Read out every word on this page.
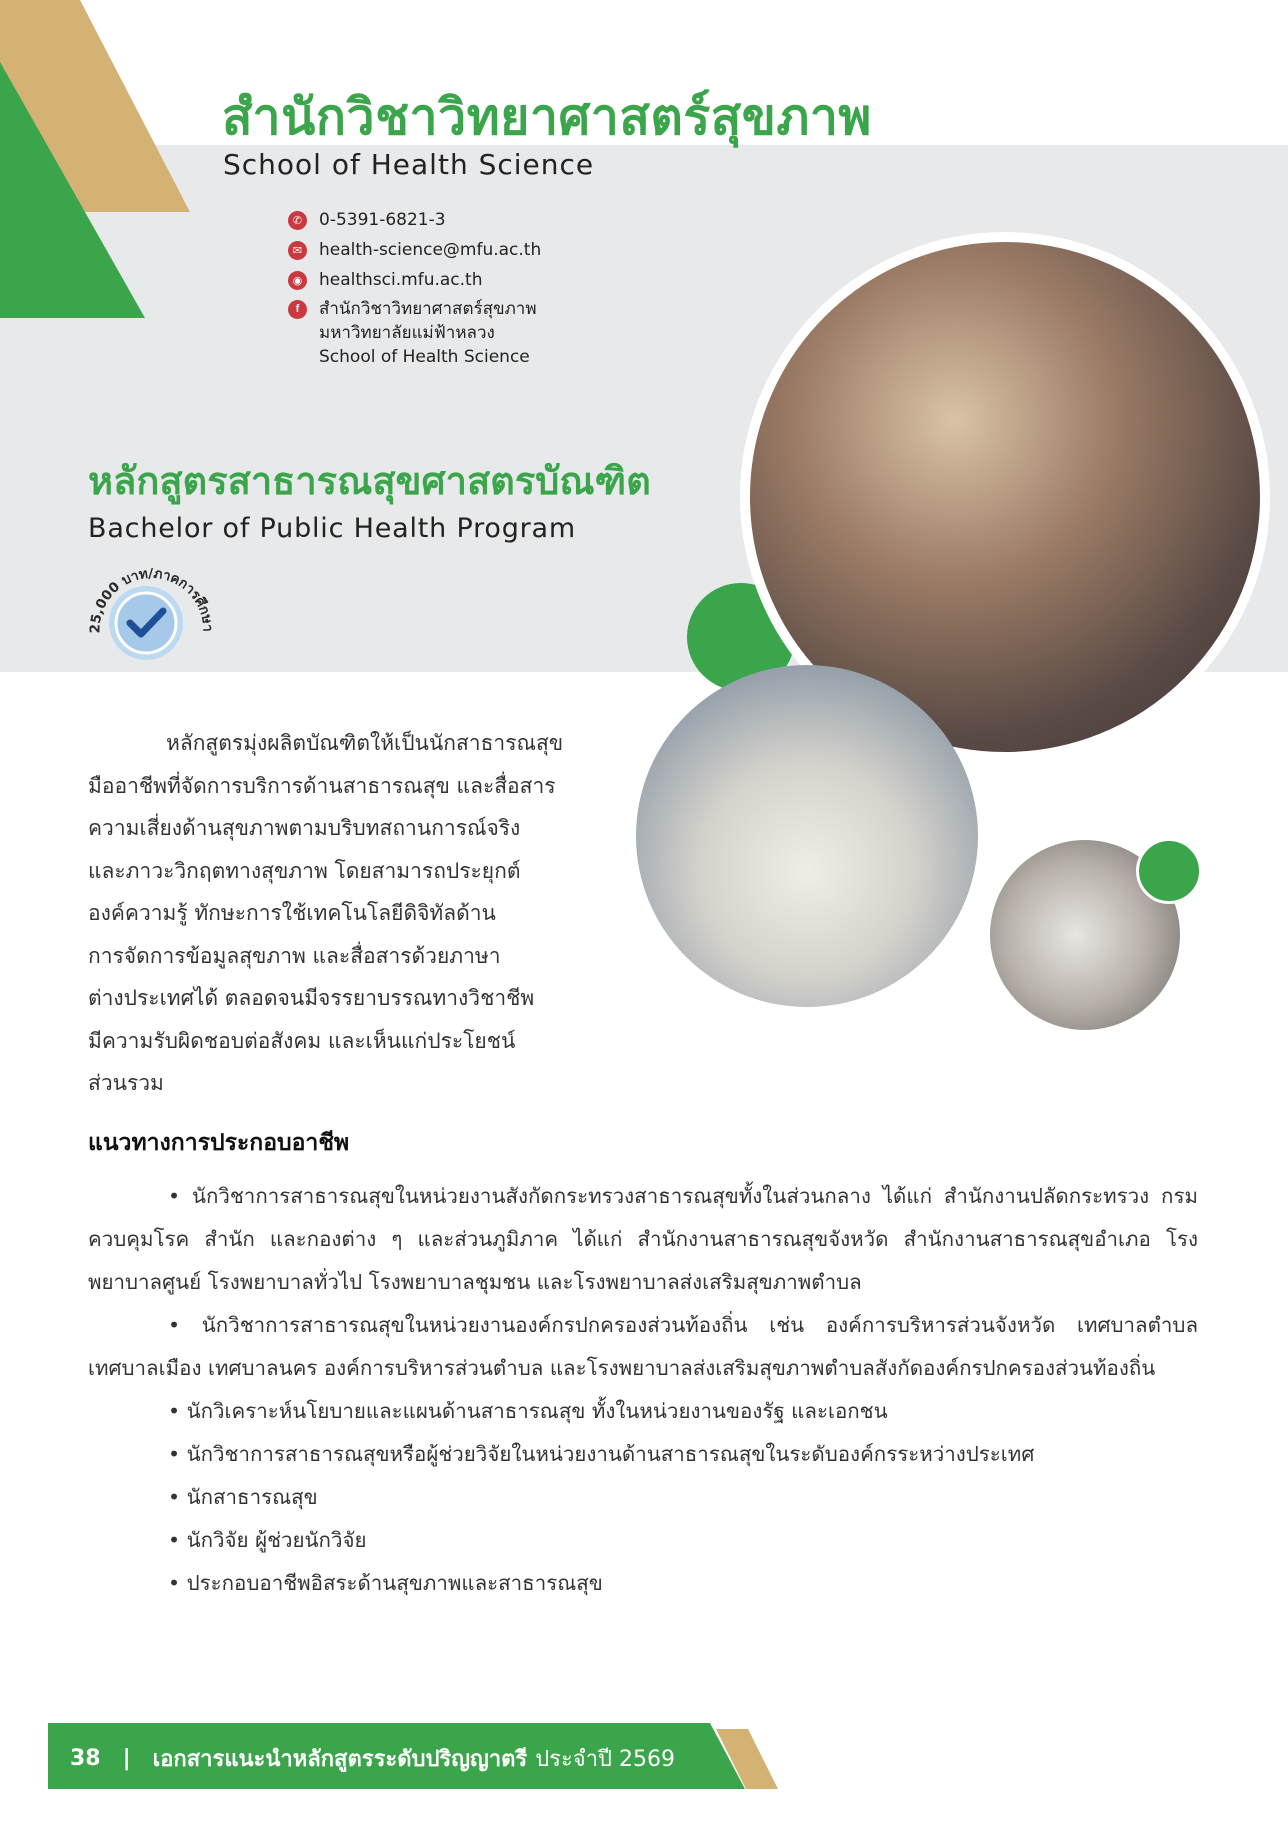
สำนักวิชาวิทยาศาสตร์สุขภาพ
School of Health Science
✆ 0-5391-6821-3
✉ health-science@mfu.ac.th
◉ healthsci.mfu.ac.th
f	สำนักวิชาวิทยาศาสตร์สุขภาพ
มหาวิทยาลัยแม่ฟ้าหลวง
School of Health Science
หลักสูตรสาธารณสุขศาสตรบัณฑิต
Bachelor of Public Health Program
25,000 บาท/ภาคการศึกษา
หลักสูตรมุ่งผลิตบัณฑิตให้เป็นนักสาธารณสุข
มืออาชีพที่จัดการบริการด้านสาธารณสุข และสื่อสาร
ความเสี่ยงด้านสุขภาพตามบริบทสถานการณ์จริง
และภาวะวิกฤตทางสุขภาพ โดยสามารถประยุกต์
องค์ความรู้ ทักษะการใช้เทคโนโลยีดิจิทัลด้าน
การจัดการข้อมูลสุขภาพ และสื่อสารด้วยภาษา
ต่างประเทศได้ ตลอดจนมีจรรยาบรรณทางวิชาชีพ
มีความรับผิดชอบต่อสังคม และเห็นแก่ประโยชน์
ส่วนรวม
แนวทางการประกอบอาชีพ
• นักวิชาการสาธารณสุขในหน่วยงานสังกัดกระทรวงสาธารณสุขทั้งในส่วนกลาง ได้แก่ สำนักงานปลัดกระทรวง กรมควบคุมโรค สำนัก และกองต่าง ๆ และส่วนภูมิภาค ได้แก่ สำนักงานสาธารณสุขจังหวัด สำนักงานสาธารณสุขอำเภอ โรงพยาบาลศูนย์ โรงพยาบาลทั่วไป โรงพยาบาลชุมชน และโรงพยาบาลส่งเสริมสุขภาพตำบล
• นักวิชาการสาธารณสุขในหน่วยงานองค์กรปกครองส่วนท้องถิ่น เช่น องค์การบริหารส่วนจังหวัด เทศบาลตำบล เทศบาลเมือง เทศบาลนคร องค์การบริหารส่วนตำบล และโรงพยาบาลส่งเสริมสุขภาพตำบลสังกัดองค์กรปกครองส่วนท้องถิ่น
• นักวิเคราะห์นโยบายและแผนด้านสาธารณสุข ทั้งในหน่วยงานของรัฐ และเอกชน
• นักวิชาการสาธารณสุขหรือผู้ช่วยวิจัยในหน่วยงานด้านสาธารณสุขในระดับองค์กรระหว่างประเทศ
• นักสาธารณสุข
• นักวิจัย ผู้ช่วยนักวิจัย
• ประกอบอาชีพอิสระด้านสุขภาพและสาธารณสุข
38 | เอกสารแนะนำหลักสูตรระดับปริญญาตรี ประจำปี 2569
